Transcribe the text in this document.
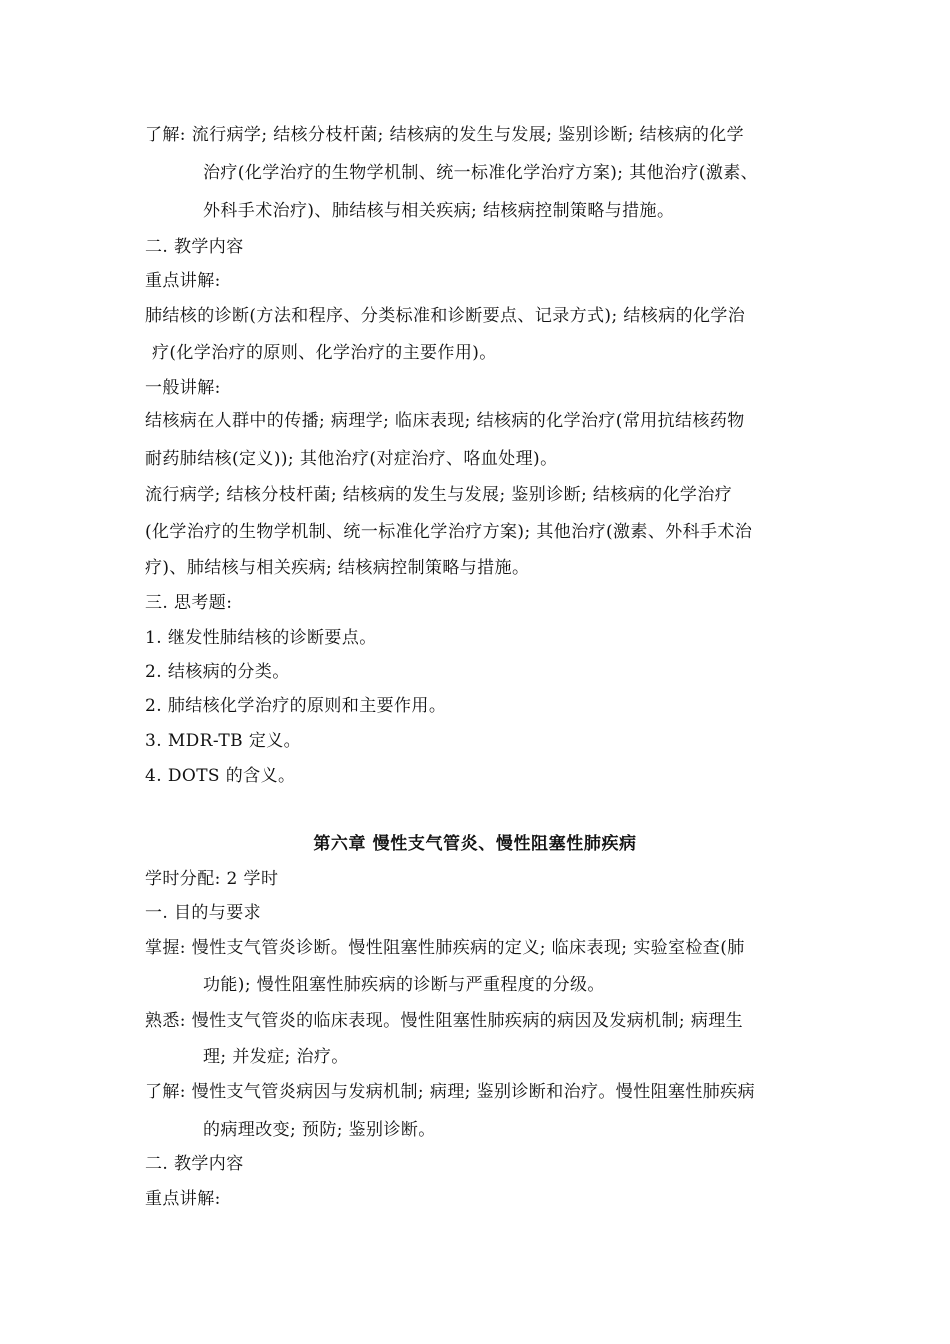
了解: 流行病学; 结核分枝杆菌; 结核病的发生与发展; 鉴别诊断; 结核病的化学
治疗(化学治疗的生物学机制、统一标准化学治疗方案); 其他治疗(激素、
外科手术治疗)、肺结核与相关疾病; 结核病控制策略与措施。
二. 教学内容
重点讲解:
肺结核的诊断(方法和程序、分类标准和诊断要点、记录方式); 结核病的化学治
疗(化学治疗的原则、化学治疗的主要作用)。
一般讲解:
结核病在人群中的传播; 病理学; 临床表现; 结核病的化学治疗(常用抗结核药物
耐药肺结核(定义)); 其他治疗(对症治疗、咯血处理)。
流行病学; 结核分枝杆菌; 结核病的发生与发展; 鉴别诊断; 结核病的化学治疗
(化学治疗的生物学机制、统一标准化学治疗方案); 其他治疗(激素、外科手术治
疗)、肺结核与相关疾病; 结核病控制策略与措施。
三. 思考题:
1. 继发性肺结核的诊断要点。
2. 结核病的分类。
2. 肺结核化学治疗的原则和主要作用。
3. MDR-TB 定义。
4. DOTS 的含义。
第六章 慢性支气管炎、慢性阻塞性肺疾病
学时分配: 2 学时
一. 目的与要求
掌握: 慢性支气管炎诊断。慢性阻塞性肺疾病的定义; 临床表现; 实验室检查(肺
功能); 慢性阻塞性肺疾病的诊断与严重程度的分级。
熟悉: 慢性支气管炎的临床表现。慢性阻塞性肺疾病的病因及发病机制; 病理生
理; 并发症; 治疗。
了解: 慢性支气管炎病因与发病机制; 病理; 鉴别诊断和治疗。慢性阻塞性肺疾病
的病理改变; 预防; 鉴别诊断。
二. 教学内容
重点讲解:
